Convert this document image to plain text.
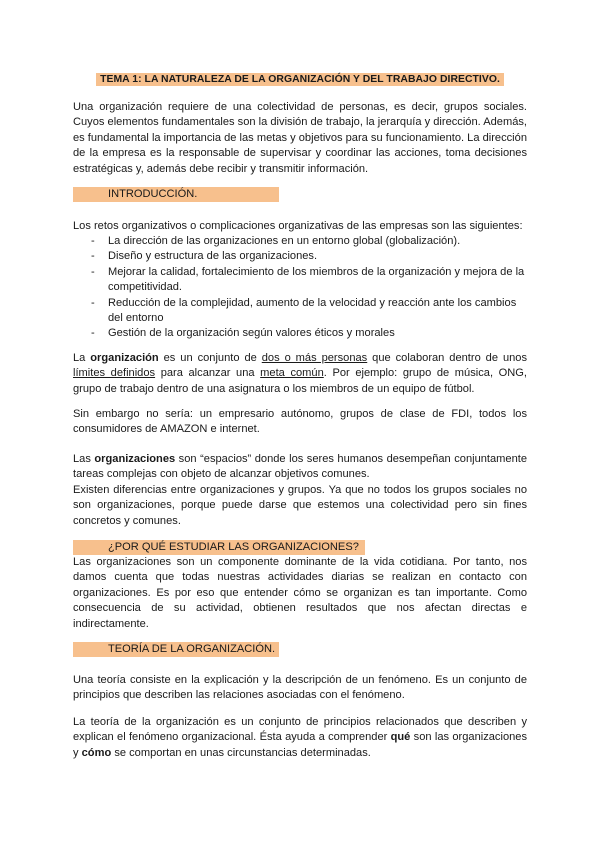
TEMA 1: LA NATURALEZA DE LA ORGANIZACIÓN Y DEL TRABAJO DIRECTIVO.

Una organización requiere de una colectividad de personas, es decir, grupos sociales. Cuyos elementos fundamentales son la división de trabajo, la jerarquía y dirección. Además, es fundamental la importancia de las metas y objetivos para su funcionamiento. La dirección de la empresa es la responsable de supervisar y coordinar las acciones, toma decisiones estratégicas y, además debe recibir y transmitir información.

INTRODUCCIÓN.

Los retos organizativos o complicaciones organizativas de las empresas son las siguientes:

- La dirección de las organizaciones en un entorno global (globalización).
- Diseño y estructura de las organizaciones.
- Mejorar la calidad, fortalecimiento de los miembros de la organización y mejora de la competitividad.
- Reducción de la complejidad, aumento de la velocidad y reacción ante los cambios del entorno
- Gestión de la organización según valores éticos y morales

La organización es un conjunto de dos o más personas que colaboran dentro de unos límites definidos para alcanzar una meta común. Por ejemplo: grupo de música, ONG, grupo de trabajo dentro de una asignatura o los miembros de un equipo de fútbol.

Sin embargo no sería: un empresario autónomo, grupos de clase de FDI, todos los consumidores de AMAZON e internet.

Las organizaciones son “espacios” donde los seres humanos desempeñan conjuntamente tareas complejas con objeto de alcanzar objetivos comunes.
Existen diferencias entre organizaciones y grupos. Ya que no todos los grupos sociales no son organizaciones, porque puede darse que estemos una colectividad pero sin fines concretos y comunes.

¿POR QUÉ ESTUDIAR LAS ORGANIZACIONES?

Las organizaciones son un componente dominante de la vida cotidiana. Por tanto, nos damos cuenta que todas nuestras actividades diarias se realizan en contacto con organizaciones. Es por eso que entender cómo se organizan es tan importante. Como consecuencia de su actividad, obtienen resultados que nos afectan directas e indirectamente.

TEORÍA DE LA ORGANIZACIÓN.

Una teoría consiste en la explicación y la descripción de un fenómeno. Es un conjunto de principios que describen las relaciones asociadas con el fenómeno.

La teoría de la organización es un conjunto de principios relacionados que describen y explican el fenómeno organizacional. Ésta ayuda a comprender qué son las organizaciones y cómo se comportan en unas circunstancias determinadas.
